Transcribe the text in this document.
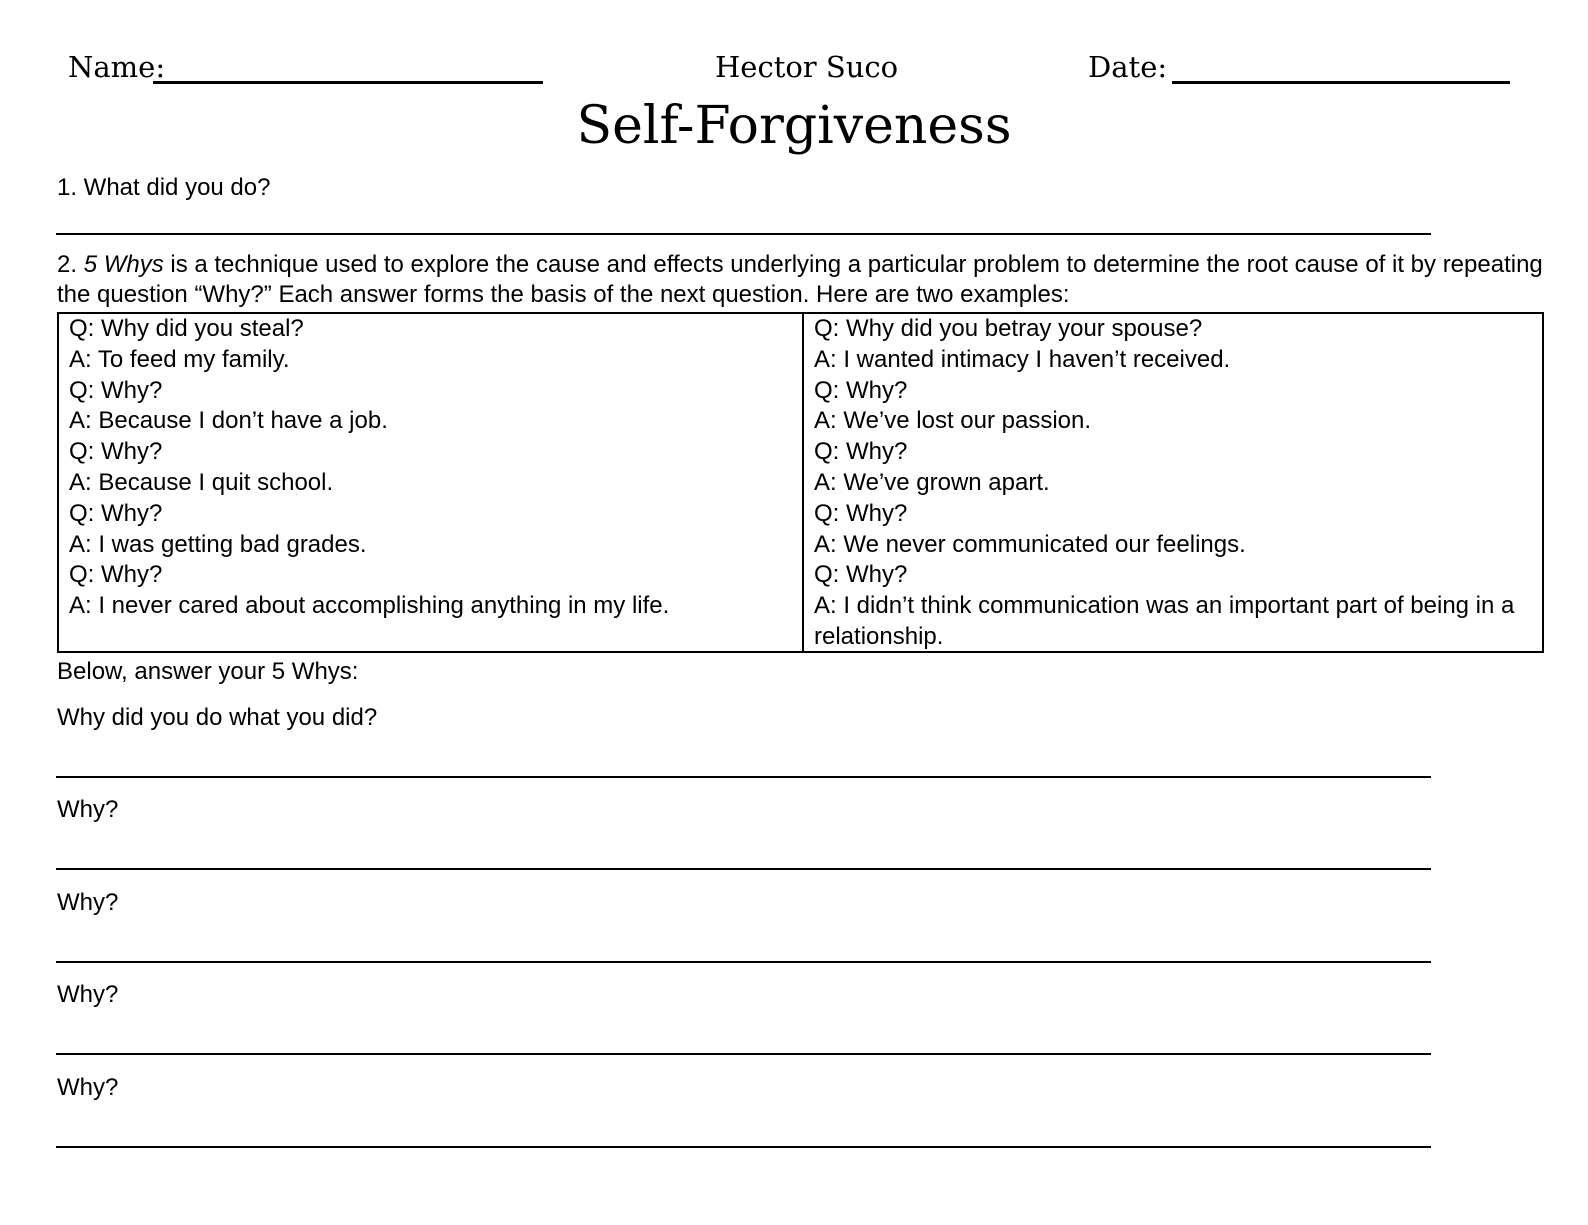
Name:	Hector Suco	Date:
Self-Forgiveness
1. What did you do?
2. 5 Whys is a technique used to explore the cause and effects underlying a particular problem to determine the root cause of it by repeating the question “Why?” Each answer forms the basis of the next question. Here are two examples:
Q: Why did you steal?
A: To feed my family.
Q: Why?
A: Because I don’t have a job.
Q: Why?
A: Because I quit school.
Q: Why?
A: I was getting bad grades.
Q: Why?
A: I never cared about accomplishing anything in my life.
Q: Why did you betray your spouse?
A: I wanted intimacy I haven’t received.
Q: Why?
A: We’ve lost our passion.
Q: Why?
A: We’ve grown apart.
Q: Why?
A: We never communicated our feelings.
Q: Why?
A: I didn’t think communication was an important part of being in a relationship.
Below, answer your 5 Whys:
Why did you do what you did?
Why?
Why?
Why?
Why?
